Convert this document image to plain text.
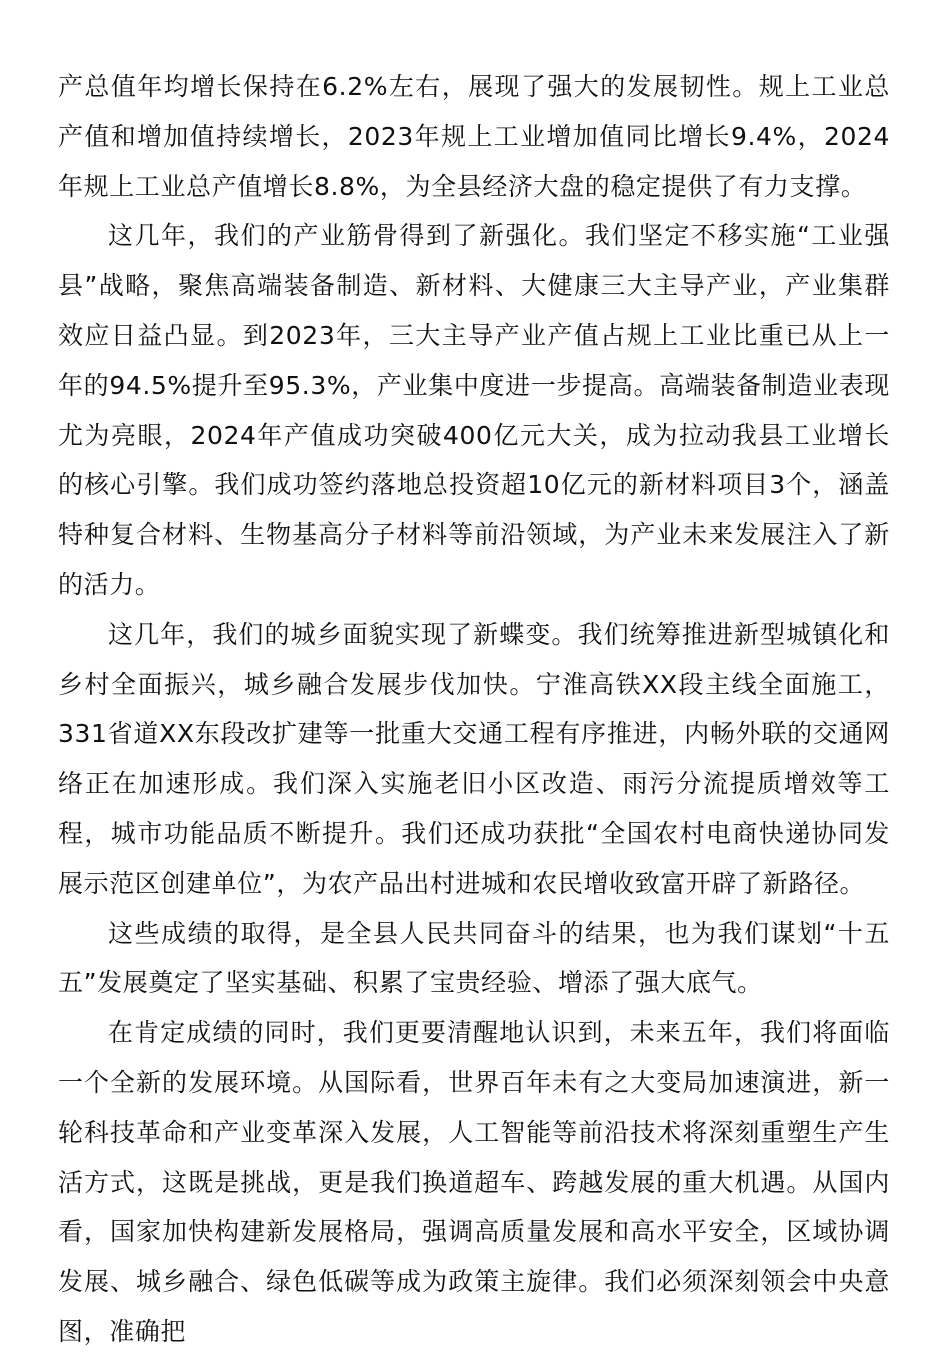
产总值年均增长保持在6.2%左右，展现了强大的发展韧性。规上工业总产值和增加值持续增长，2023年规上工业增加值同比增长9.4%，2024年规上工业总产值增长8.8%，为全县经济大盘的稳定提供了有力支撑。

这几年，我们的产业筋骨得到了新强化。我们坚定不移实施“工业强县”战略，聚焦高端装备制造、新材料、大健康三大主导产业，产业集群效应日益凸显。到2023年，三大主导产业产值占规上工业比重已从上一年的94.5%提升至95.3%，产业集中度进一步提高。高端装备制造业表现尤为亮眼，2024年产值成功突破400亿元大关，成为拉动我县工业增长的核心引擎。我们成功签约落地总投资超10亿元的新材料项目3个，涵盖特种复合材料、生物基高分子材料等前沿领域，为产业未来发展注入了新的活力。

这几年，我们的城乡面貌实现了新蝶变。我们统筹推进新型城镇化和乡村全面振兴，城乡融合发展步伐加快。宁淮高铁XX段主线全面施工，331省道XX东段改扩建等一批重大交通工程有序推进，内畅外联的交通网络正在加速形成。我们深入实施老旧小区改造、雨污分流提质增效等工程，城市功能品质不断提升。我们还成功获批“全国农村电商快递协同发展示范区创建单位”，为农产品出村进城和农民增收致富开辟了新路径。

这些成绩的取得，是全县人民共同奋斗的结果，也为我们谋划“十五五”发展奠定了坚实基础、积累了宝贵经验、增添了强大底气。

在肯定成绩的同时，我们更要清醒地认识到，未来五年，我们将面临一个全新的发展环境。从国际看，世界百年未有之大变局加速演进，新一轮科技革命和产业变革深入发展，人工智能等前沿技术将深刻重塑生产生活方式，这既是挑战，更是我们换道超车、跨越发展的重大机遇。从国内看，国家加快构建新发展格局，强调高质量发展和高水平安全，区域协调发展、城乡融合、绿色低碳等成为政策主旋律。我们必须深刻领会中央意图，准确把
